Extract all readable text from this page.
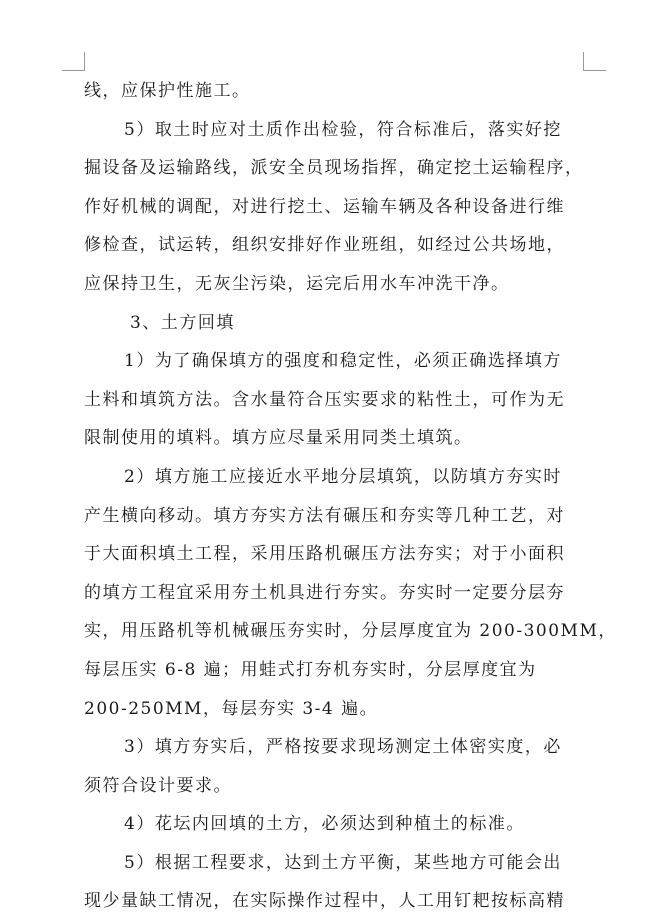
线，应保护性施工。
5）取土时应对土质作出检验，符合标准后，落实好挖
掘设备及运输路线，派安全员现场指挥，确定挖土运输程序，
作好机械的调配，对进行挖土、运输车辆及各种设备进行维
修检查，试运转，组织安排好作业班组，如经过公共场地，
应保持卫生，无灰尘污染，运完后用水车冲洗干净。
3、土方回填
1）为了确保填方的强度和稳定性，必须正确选择填方
土料和填筑方法。含水量符合压实要求的粘性土，可作为无
限制使用的填料。填方应尽量采用同类土填筑。
2）填方施工应接近水平地分层填筑，以防填方夯实时
产生横向移动。填方夯实方法有碾压和夯实等几种工艺，对
于大面积填土工程，采用压路机碾压方法夯实；对于小面积
的填方工程宜采用夯土机具进行夯实。夯实时一定要分层夯
实，用压路机等机械碾压夯实时，分层厚度宜为 200-300MM，
每层压实 6-8 遍；用蛙式打夯机夯实时，分层厚度宜为
200-250MM，每层夯实 3-4 遍。
3）填方夯实后，严格按要求现场测定土体密实度，必
须符合设计要求。
4）花坛内回填的土方，必须达到种植土的标准。
5）根据工程要求，达到土方平衡，某些地方可能会出
现少量缺工情况，在实际操作过程中，人工用钉耙按标高精
